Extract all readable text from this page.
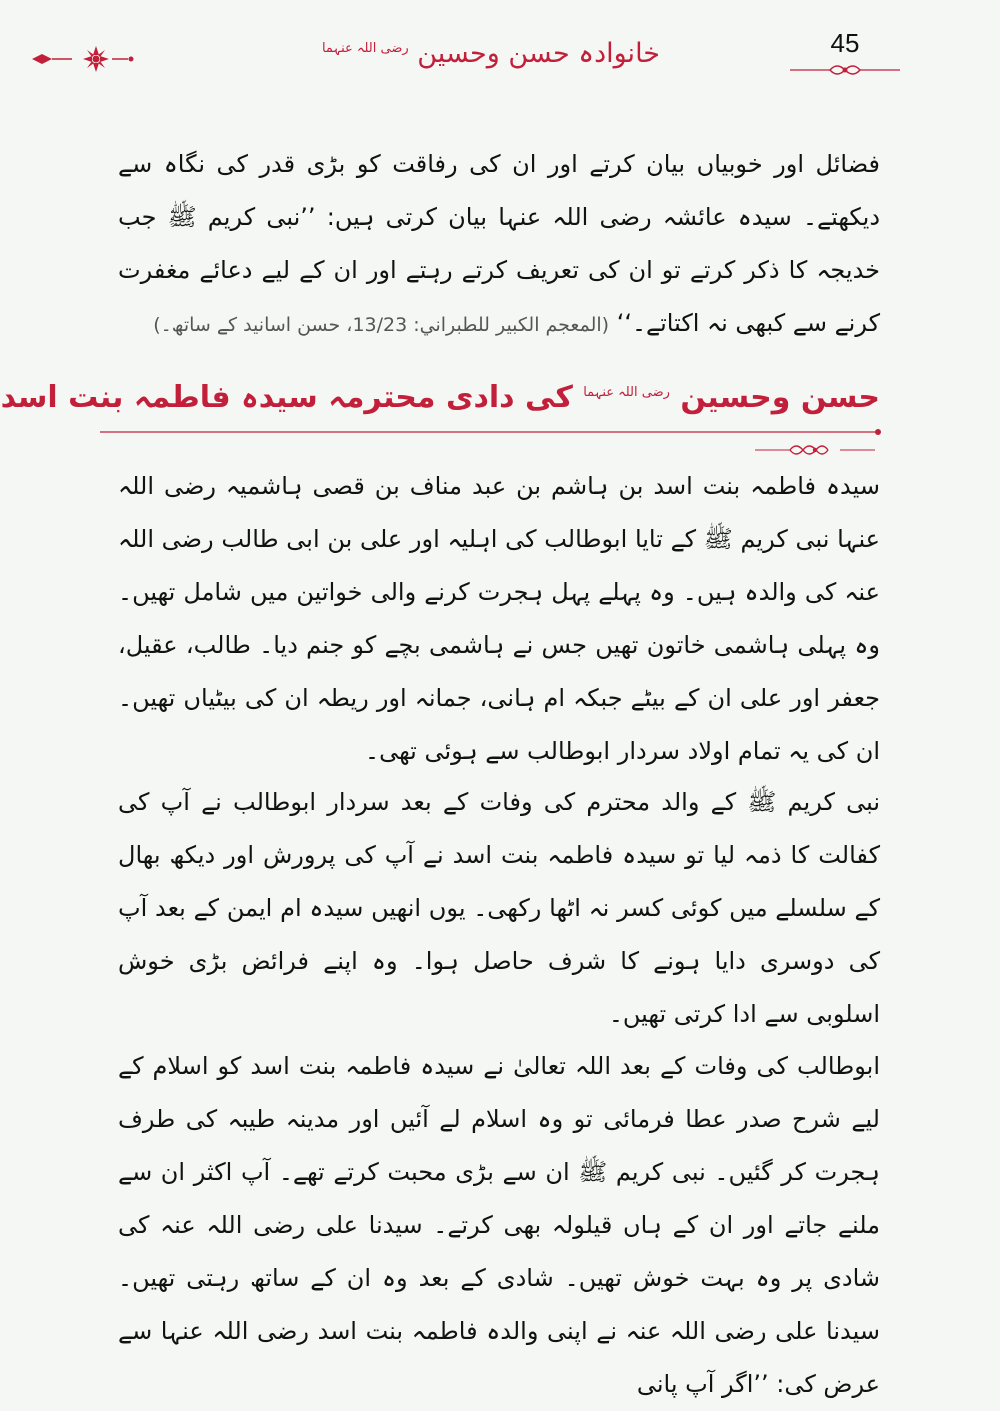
45
خانوادہ حسن وحسین $^{رضی اللہ عنہما}$
فضائل اور خوبیاں بیان کرتے اور ان کی رفاقت کو بڑی قدر کی نگاہ سے دیکھتے۔ سیدہ عائشہ رضی اللہ عنہا بیان کرتی ہیں: ’’نبی کریم ﷺ جب خدیجہ کا ذکر کرتے تو ان کی تعریف کرتے رہتے اور ان کے لیے دعائے مغفرت کرنے سے کبھی نہ اکتاتے۔‘‘ (المعجم الكبير للطبراني: 13/23، حسن اسانید کے ساتھ۔)
حسن وحسین $^{رضی اللہ عنہما}$ کی دادی محترمہ سیدہ فاطمہ بنت اسد
سیدہ فاطمہ بنت اسد بن ہاشم بن عبد مناف بن قصی ہاشمیہ رضی اللہ عنہا نبی کریم ﷺ کے تایا ابوطالب کی اہلیہ اور علی بن ابی طالب رضی اللہ عنہ کی والدہ ہیں۔ وہ پہلے پہل ہجرت کرنے والی خواتین میں شامل تھیں۔ وہ پہلی ہاشمی خاتون تھیں جس نے ہاشمی بچے کو جنم دیا۔ طالب، عقیل، جعفر اور علی ان کے بیٹے جبکہ ام ہانی، جمانہ اور ریطہ ان کی بیٹیاں تھیں۔ ان کی یہ تمام اولاد سردار ابوطالب سے ہوئی تھی۔
نبی کریم ﷺ کے والد محترم کی وفات کے بعد سردار ابوطالب نے آپ کی کفالت کا ذمہ لیا تو سیدہ فاطمہ بنت اسد نے آپ کی پرورش اور دیکھ بھال کے سلسلے میں کوئی کسر نہ اٹھا رکھی۔ یوں انھیں سیدہ ام ایمن کے بعد آپ کی دوسری دایا ہونے کا شرف حاصل ہوا۔ وہ اپنے فرائض بڑی خوش اسلوبی سے ادا کرتی تھیں۔
ابوطالب کی وفات کے بعد اللہ تعالیٰ نے سیدہ فاطمہ بنت اسد کو اسلام کے لیے شرح صدر عطا فرمائی تو وہ اسلام لے آئیں اور مدینہ طیبہ کی طرف ہجرت کر گئیں۔ نبی کریم ﷺ ان سے بڑی محبت کرتے تھے۔ آپ اکثر ان سے ملنے جاتے اور ان کے ہاں قیلولہ بھی کرتے۔ سیدنا علی رضی اللہ عنہ کی شادی پر وہ بہت خوش تھیں۔ شادی کے بعد وہ ان کے ساتھ رہتی تھیں۔ سیدنا علی رضی اللہ عنہ نے اپنی والدہ فاطمہ بنت اسد رضی اللہ عنہا سے عرض کی: ’’اگر آپ پانی
